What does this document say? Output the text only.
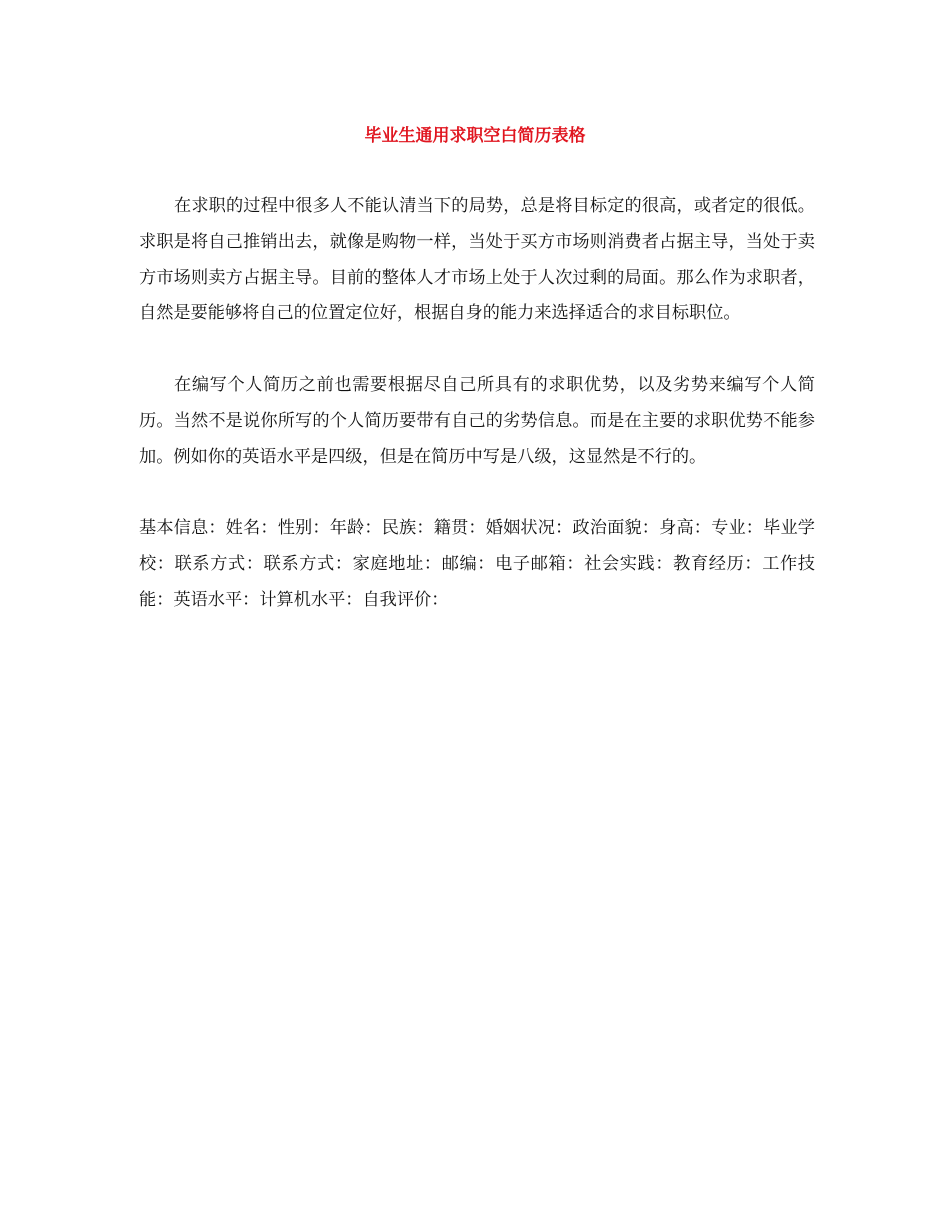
毕业生通用求职空白简历表格

在求职的过程中很多人不能认清当下的局势，总是将目标定的很高，或者定的很低。求职是将自己推销出去，就像是购物一样，当处于买方市场则消费者占据主导，当处于卖方市场则卖方占据主导。目前的整体人才市场上处于人次过剩的局面。那么作为求职者，自然是要能够将自己的位置定位好，根据自身的能力来选择适合的求目标职位。

在编写个人简历之前也需要根据尽自己所具有的求职优势，以及劣势来编写个人简历。当然不是说你所写的个人简历要带有自己的劣势信息。而是在主要的求职优势不能参加。例如你的英语水平是四级，但是在简历中写是八级，这显然是不行的。

基本信息：姓名：性别：年龄：民族：籍贯：婚姻状况：政治面貌：身高：专业：毕业学校：联系方式：联系方式：家庭地址：邮编：电子邮箱：社会实践：教育经历：工作技能：英语水平：计算机水平：自我评价：
